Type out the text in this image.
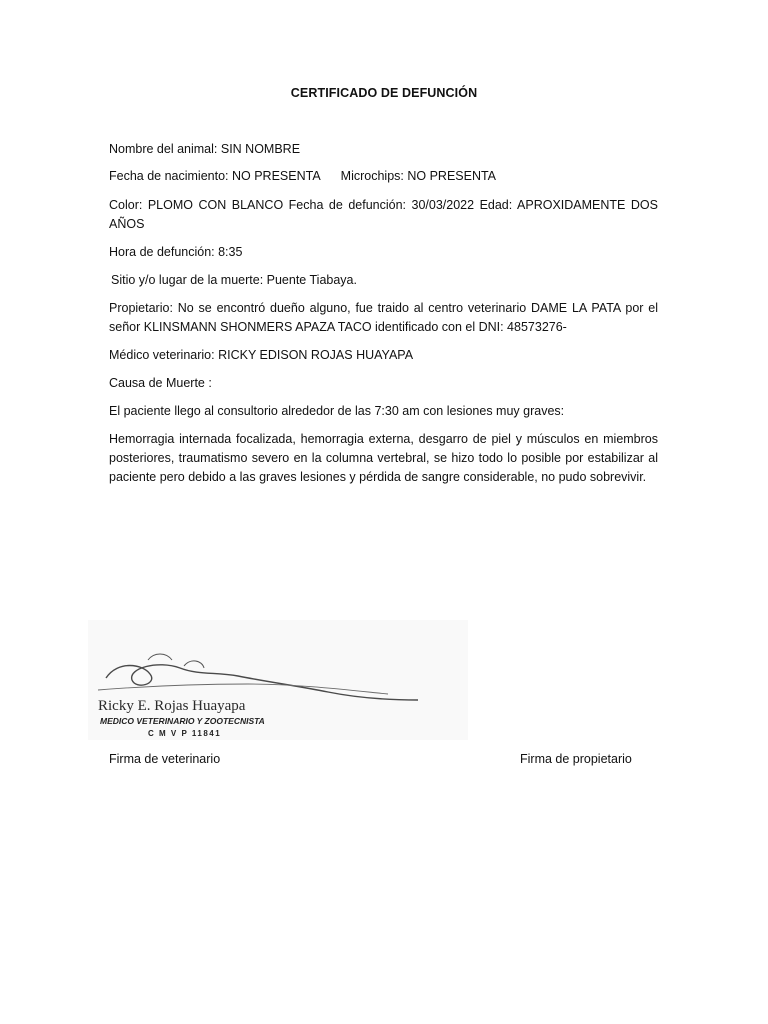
CERTIFICADO DE DEFUNCIÓN

Nombre del animal: SIN NOMBRE

Fecha de nacimiento: NO PRESENTA Microchips: NO PRESENTA

Color: PLOMO CON BLANCO Fecha de defunción: 30/03/2022 Edad: APROXIDAMENTE DOS AÑOS

Hora de defunción: 8:35

Sitio y/o lugar de la muerte: Puente Tiabaya.

Propietario: No se encontró dueño alguno, fue traido al centro veterinario DAME LA PATA por el señor KLINSMANN SHONMERS APAZA TACO identificado con el DNI: 48573276-

Médico veterinario: RICKY EDISON ROJAS HUAYAPA

Causa de Muerte :

El paciente llego al consultorio alrededor de las 7:30 am con lesiones muy graves:

Hemorragia internada focalizada, hemorragia externa, desgarro de piel y músculos en miembros posteriores, traumatismo severo en la columna vertebral, se hizo todo lo posible por estabilizar al paciente pero debido a las graves lesiones y pérdida de sangre considerable, no pudo sobrevivir.

Ricky E. Rojas Huayapa
MEDICO VETERINARIO Y ZOOTECNISTA
C M V P 11841
Firma de veterinario	Firma de propietario
